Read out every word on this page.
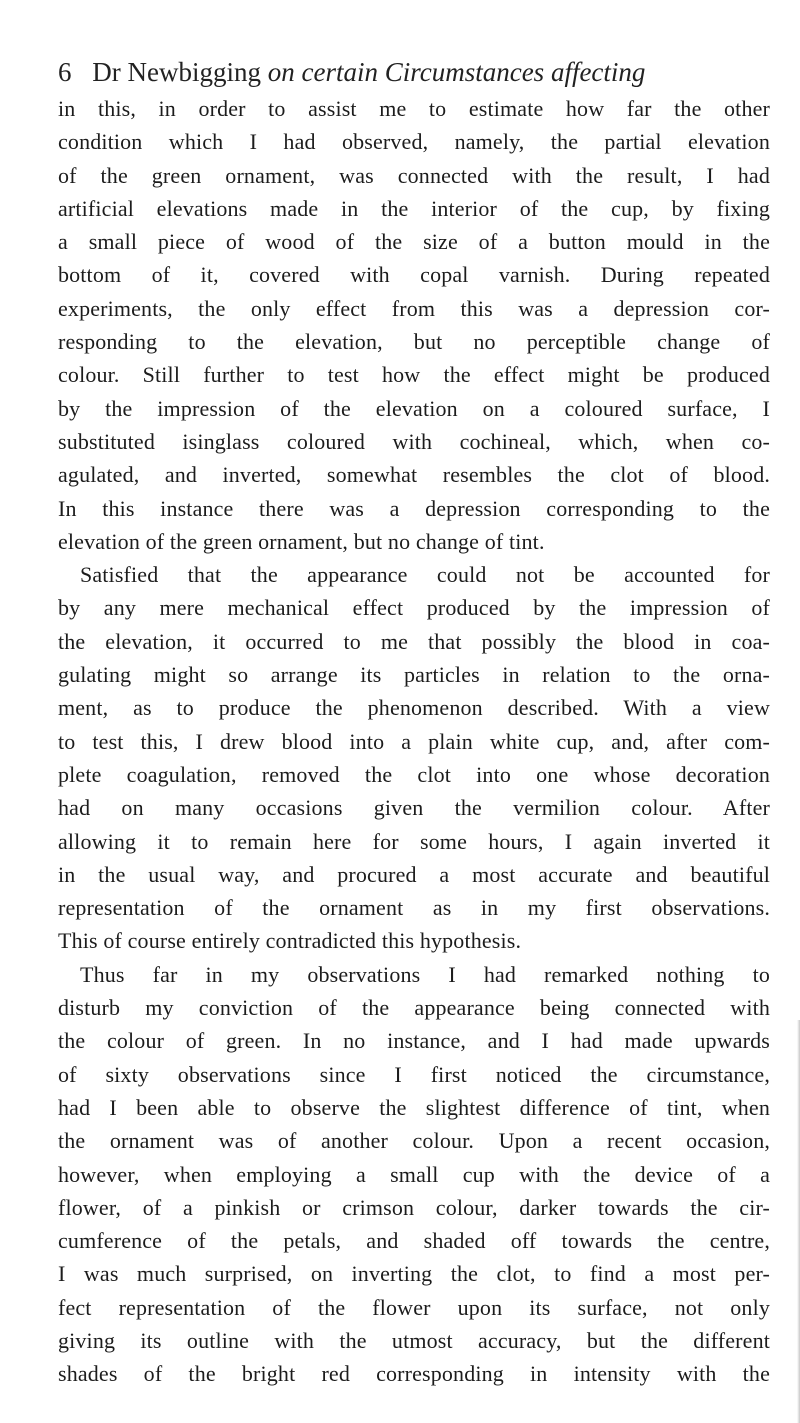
6 Dr Newbigging on certain Circumstances affecting
in this, in order to assist me to estimate how far the other
condition which I had observed, namely, the partial elevation
of the green ornament, was connected with the result, I had
artificial elevations made in the interior of the cup, by fixing
a small piece of wood of the size of a button mould in the
bottom of it, covered with copal varnish. During repeated
experiments, the only effect from this was a depression cor-
responding to the elevation, but no perceptible change of
colour. Still further to test how the effect might be produced
by the impression of the elevation on a coloured surface, I
substituted isinglass coloured with cochineal, which, when co-
agulated, and inverted, somewhat resembles the clot of blood.
In this instance there was a depression corresponding to the
elevation of the green ornament, but no change of tint.
Satisfied that the appearance could not be accounted for
by any mere mechanical effect produced by the impression of
the elevation, it occurred to me that possibly the blood in coa-
gulating might so arrange its particles in relation to the orna-
ment, as to produce the phenomenon described. With a view
to test this, I drew blood into a plain white cup, and, after com-
plete coagulation, removed the clot into one whose decoration
had on many occasions given the vermilion colour. After
allowing it to remain here for some hours, I again inverted it
in the usual way, and procured a most accurate and beautiful
representation of the ornament as in my first observations.
This of course entirely contradicted this hypothesis.
Thus far in my observations I had remarked nothing to
disturb my conviction of the appearance being connected with
the colour of green. In no instance, and I had made upwards
of sixty observations since I first noticed the circumstance,
had I been able to observe the slightest difference of tint, when
the ornament was of another colour. Upon a recent occasion,
however, when employing a small cup with the device of a
flower, of a pinkish or crimson colour, darker towards the cir-
cumference of the petals, and shaded off towards the centre,
I was much surprised, on inverting the clot, to find a most per-
fect representation of the flower upon its surface, not only
giving its outline with the utmost accuracy, but the different
shades of the bright red corresponding in intensity with the
